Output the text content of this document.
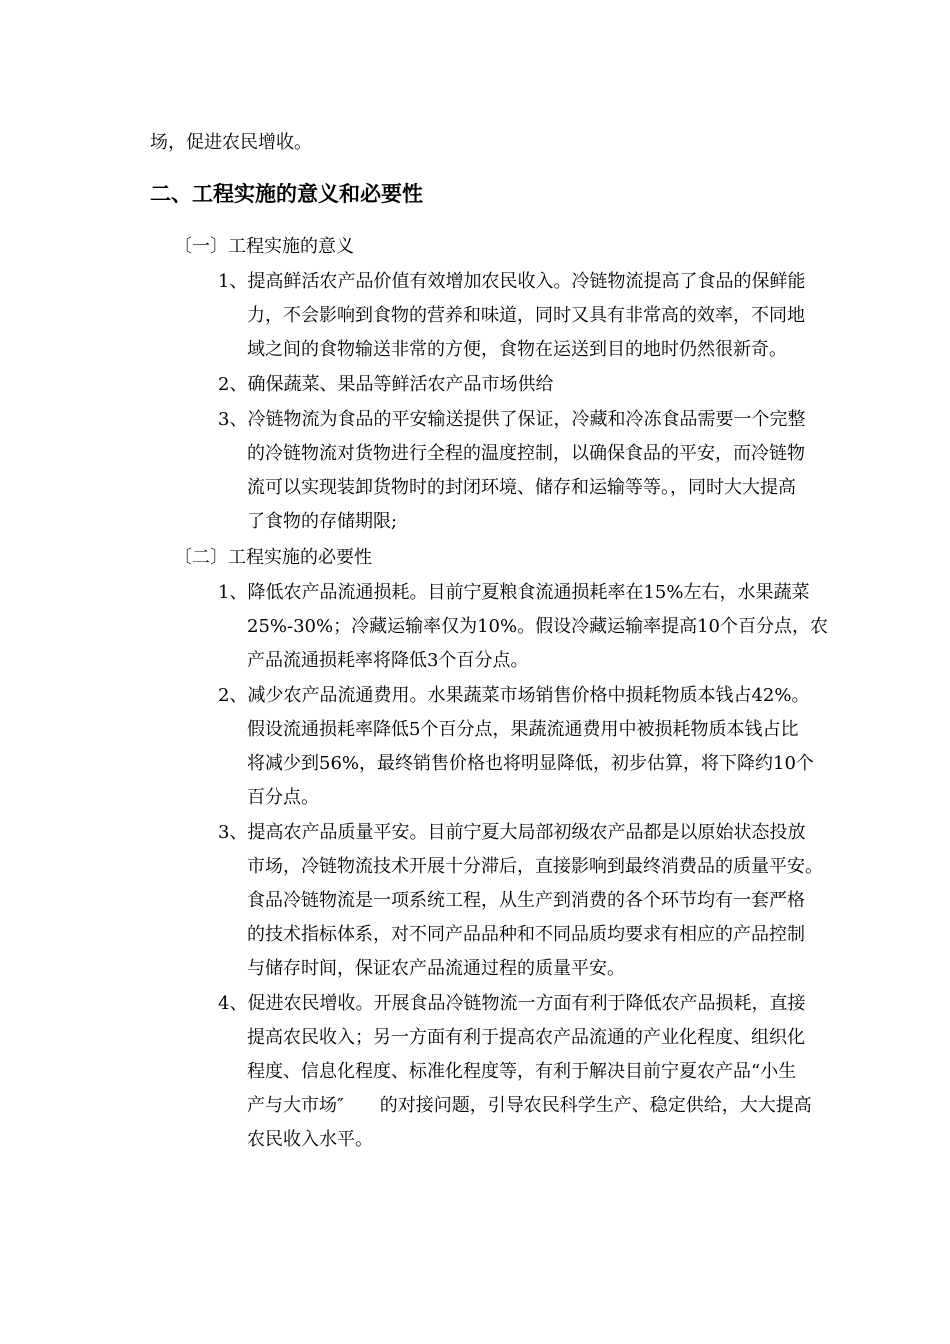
场，促进农民增收。
二、工程实施的意义和必要性
〔一〕工程实施的意义
1、提高鲜活农产品价值有效增加农民收入。冷链物流提高了食品的保鲜能
力，不会影响到食物的营养和味道，同时又具有非常高的效率，不同地
域之间的食物输送非常的方便，食物在运送到目的地时仍然很新奇。
2、确保蔬菜、果品等鲜活农产品市场供给
3、冷链物流为食品的平安输送提供了保证，冷藏和冷冻食品需要一个完整
的冷链物流对货物进行全程的温度控制，以确保食品的平安，而冷链物
流可以实现装卸货物时的封闭环境、储存和运输等等。，同时大大提高
了食物的存储期限;
〔二〕工程实施的必要性
1、降低农产品流通损耗。目前宁夏粮食流通损耗率在15%左右，水果蔬菜
25%-30%；冷藏运输率仅为10%。假设冷藏运输率提高10个百分点，农
产品流通损耗率将降低3个百分点。
2、减少农产品流通费用。水果蔬菜市场销售价格中损耗物质本钱占42%。
假设流通损耗率降低5个百分点，果蔬流通费用中被损耗物质本钱占比
将减少到56%，最终销售价格也将明显降低，初步估算，将下降约10个
百分点。
3、提高农产品质量平安。目前宁夏大局部初级农产品都是以原始状态投放
市场，冷链物流技术开展十分滞后，直接影响到最终消费品的质量平安。
食品冷链物流是一项系统工程，从生产到消费的各个环节均有一套严格
的技术指标体系，对不同产品品种和不同品质均要求有相应的产品控制
与储存时间，保证农产品流通过程的质量平安。
4、促进农民增收。开展食品冷链物流一方面有利于降低农产品损耗，直接
提高农民收入；另一方面有利于提高农产品流通的产业化程度、组织化
程度、信息化程度、标准化程度等，有利于解决目前宁夏农产品“小生
产与大市场″　　的对接问题，引导农民科学生产、稳定供给，大大提高
农民收入水平。
